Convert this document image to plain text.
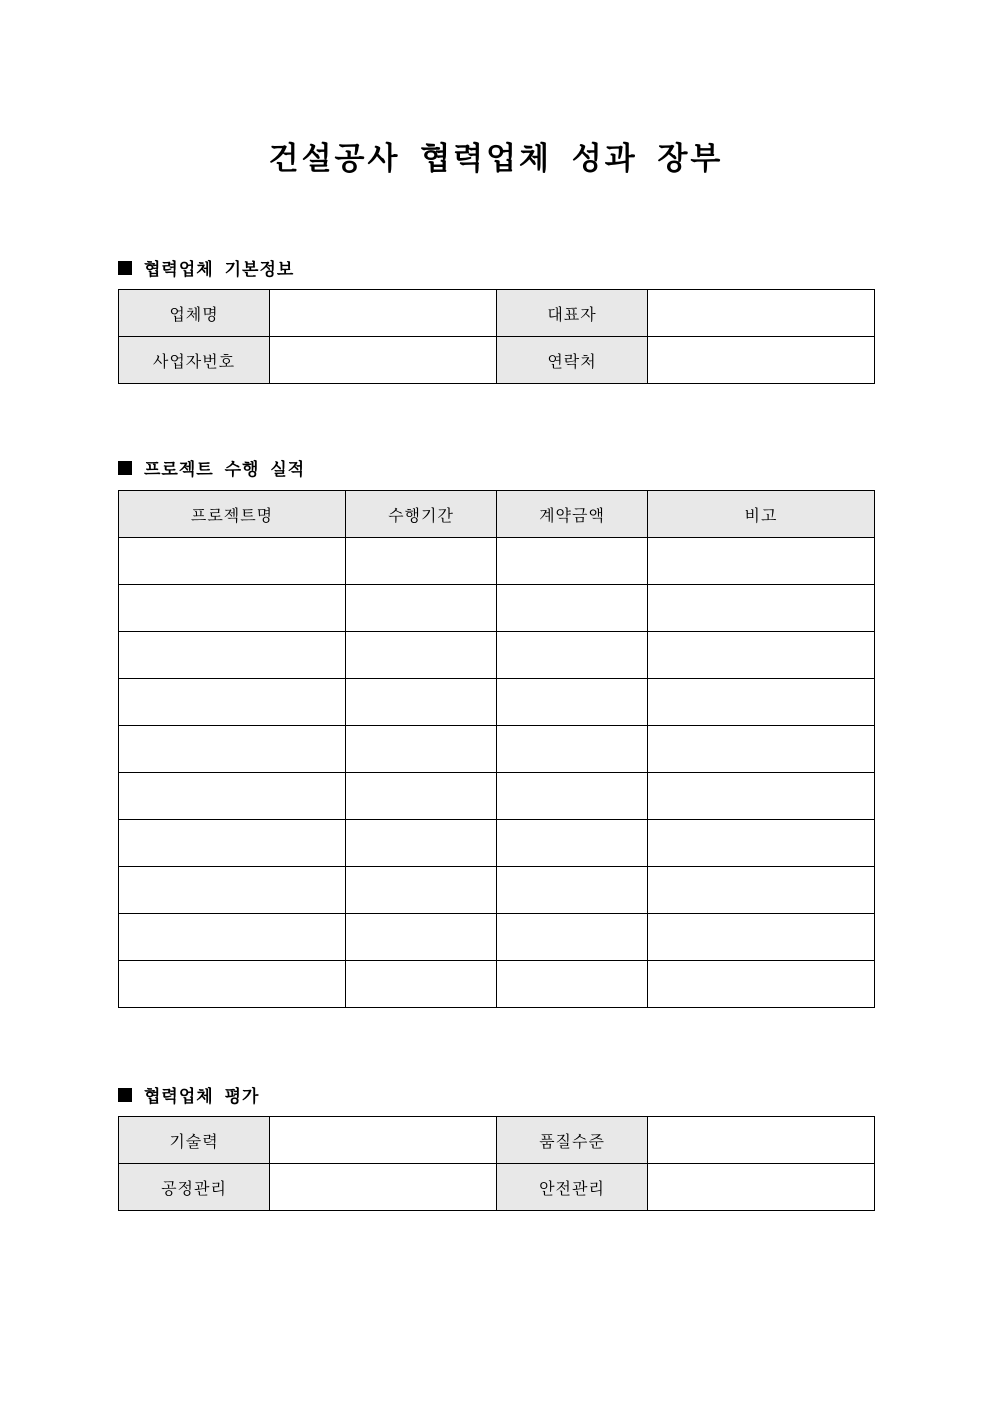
건설공사 협력업체 성과 장부
협력업체 기본정보
업체명		대표자	
사업자번호		연락처	
프로젝트 수행 실적
프로젝트명	수행기간	계약금액	비고

협력업체 평가
기술력		품질수준	
공정관리		안전관리	
